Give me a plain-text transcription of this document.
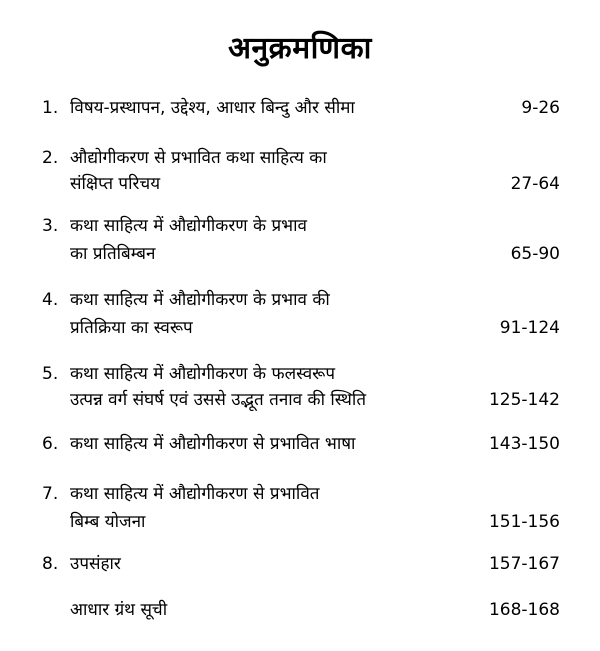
अनुक्रमणिका
1. विषय-प्रस्थापन, उद्देश्य, आधार बिन्दु और सीमा	9-26
2. औद्योगीकरण से प्रभावित कथा साहित्य का
संक्षिप्त परिचय	27-64
3. कथा साहित्य में औद्योगीकरण के प्रभाव
का प्रतिबिम्बन	65-90
4. कथा साहित्य में औद्योगीकरण के प्रभाव की
प्रतिक्रिया का स्वरूप	91-124
5. कथा साहित्य में औद्योगीकरण के फलस्वरूप
उत्पन्न वर्ग संघर्ष एवं उससे उद्भूत तनाव की स्थिति	125-142
6. कथा साहित्य में औद्योगीकरण से प्रभावित भाषा	143-150
7. कथा साहित्य में औद्योगीकरण से प्रभावित
बिम्ब योजना	151-156
8. उपसंहार	157-167
आधार ग्रंथ सूची	168-168
